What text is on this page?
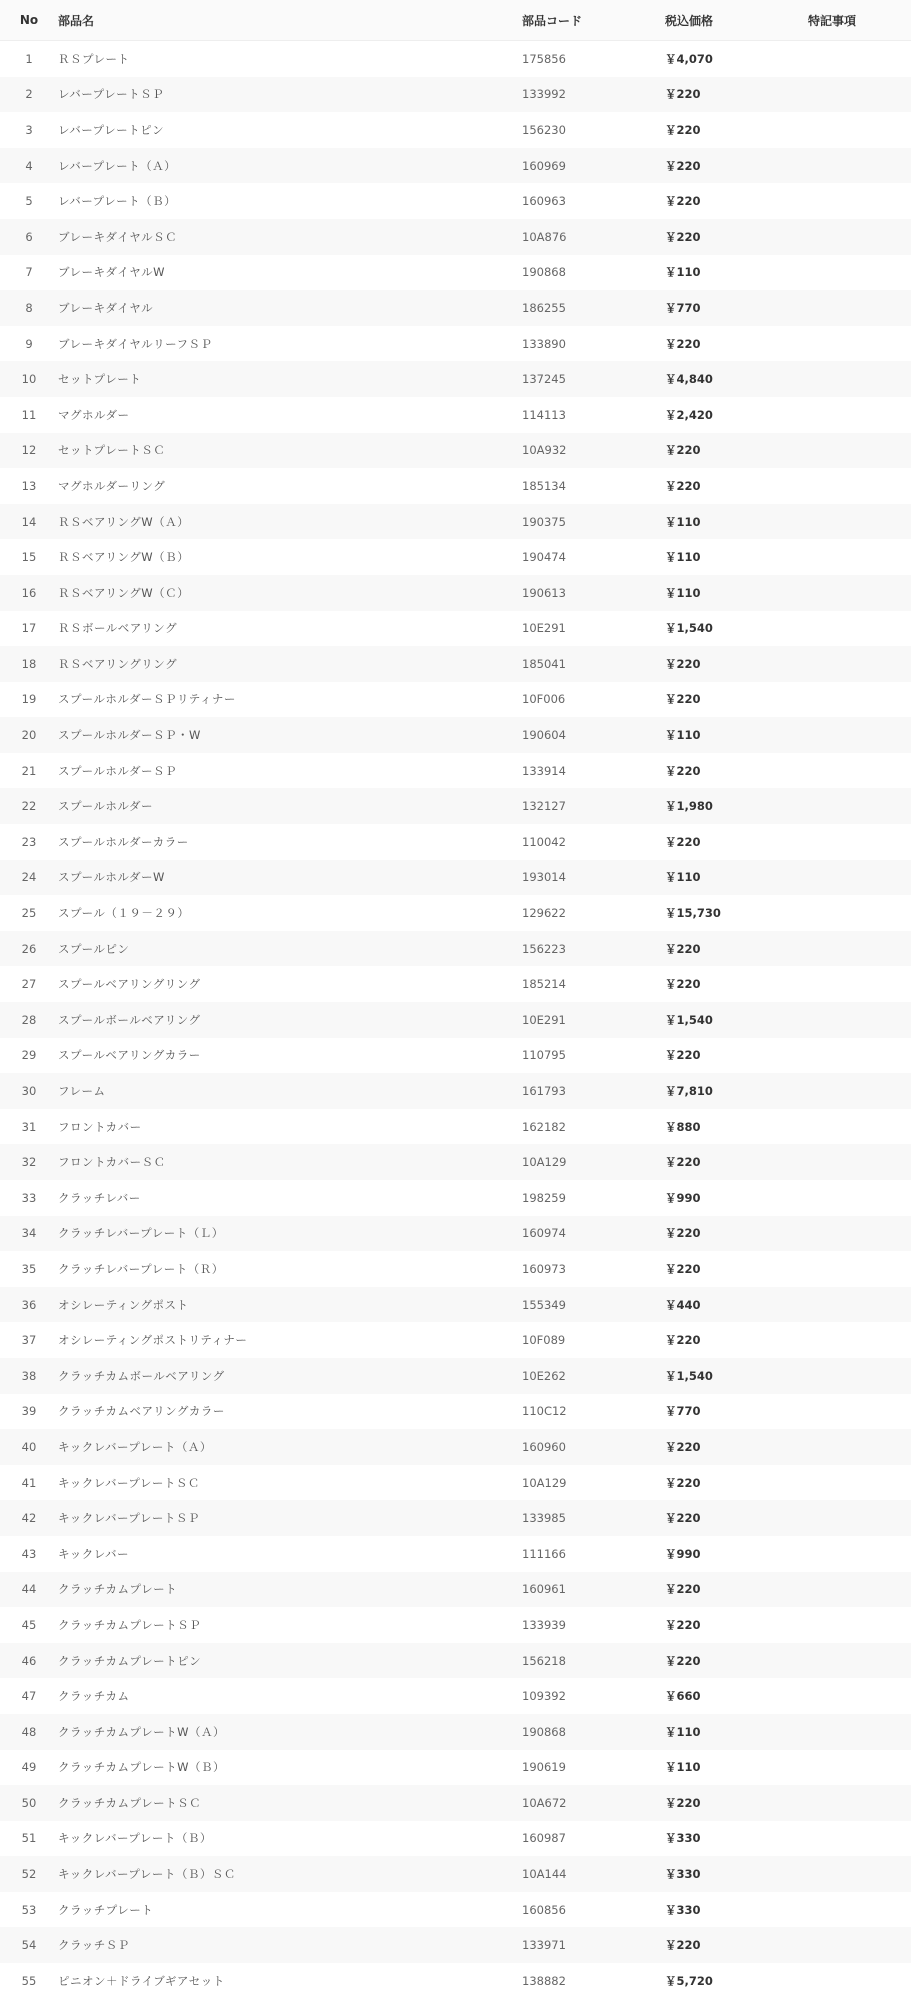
No	部品名	部品コード	税込価格	特記事項
1	ＲＳプレート	175856	￥4,070	
2	レバープレートＳＰ	133992	￥220	
3	レバープレートピン	156230	￥220	
4	レバープレート（Ａ）	160969	￥220	
5	レバープレート（Ｂ）	160963	￥220	
6	ブレーキダイヤルＳＣ	10A876	￥220	
7	ブレーキダイヤルW	190868	￥110	
8	ブレーキダイヤル	186255	￥770	
9	ブレーキダイヤルリーフＳＰ	133890	￥220	
10	セットプレート	137245	￥4,840	
11	マグホルダー	114113	￥2,420	
12	セットプレートＳＣ	10A932	￥220	
13	マグホルダーリング	185134	￥220	
14	ＲＳベアリングW（Ａ）	190375	￥110	
15	ＲＳベアリングW（Ｂ）	190474	￥110	
16	ＲＳベアリングW（Ｃ）	190613	￥110	
17	ＲＳボールベアリング	10E291	￥1,540	
18	ＲＳベアリングリング	185041	￥220	
19	スプールホルダーＳＰリティナー	10F006	￥220	
20	スプールホルダーＳＰ・W	190604	￥110	
21	スプールホルダーＳＰ	133914	￥220	
22	スプールホルダー	132127	￥1,980	
23	スプールホルダーカラー	110042	￥220	
24	スプールホルダーW	193014	￥110	
25	スプール（１９－２９）	129622	￥15,730	
26	スプールピン	156223	￥220	
27	スプールベアリングリング	185214	￥220	
28	スプールボールベアリング	10E291	￥1,540	
29	スプールベアリングカラー	110795	￥220	
30	フレーム	161793	￥7,810	
31	フロントカバー	162182	￥880	
32	フロントカバーＳＣ	10A129	￥220	
33	クラッチレバー	198259	￥990	
34	クラッチレバープレート（Ｌ）	160974	￥220	
35	クラッチレバープレート（Ｒ）	160973	￥220	
36	オシレーティングポスト	155349	￥440	
37	オシレーティングポストリティナー	10F089	￥220	
38	クラッチカムボールベアリング	10E262	￥1,540	
39	クラッチカムベアリングカラー	110C12	￥770	
40	キックレバープレート（Ａ）	160960	￥220	
41	キックレバープレートＳＣ	10A129	￥220	
42	キックレバープレートＳＰ	133985	￥220	
43	キックレバー	111166	￥990	
44	クラッチカムプレート	160961	￥220	
45	クラッチカムプレートＳＰ	133939	￥220	
46	クラッチカムプレートピン	156218	￥220	
47	クラッチカム	109392	￥660	
48	クラッチカムプレートW（Ａ）	190868	￥110	
49	クラッチカムプレートW（Ｂ）	190619	￥110	
50	クラッチカムプレートＳＣ	10A672	￥220	
51	キックレバープレート（Ｂ）	160987	￥330	
52	キックレバープレート（Ｂ）ＳＣ	10A144	￥330	
53	クラッチプレート	160856	￥330	
54	クラッチＳＰ	133971	￥220	
55	ピニオン＋ドライブギアセット	138882	￥5,720	
